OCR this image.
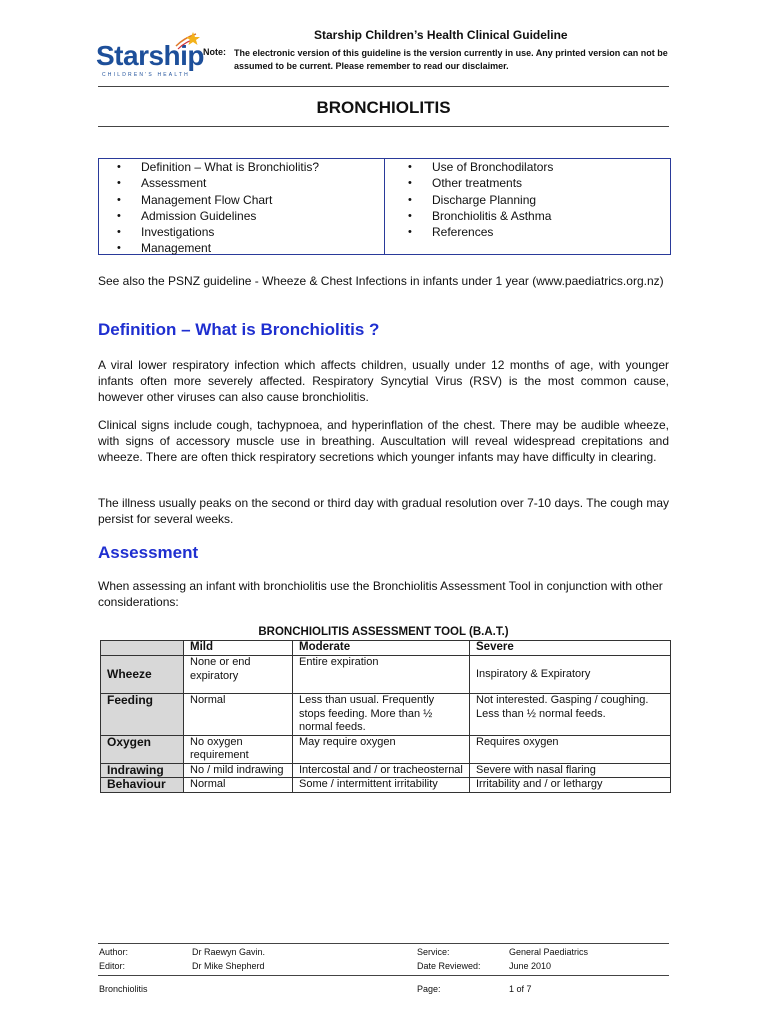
Starship
CHILDREN'S HEALTH
Starship Children’s Health Clinical Guideline
Note: The electronic version of this guideline is the version currently in use. Any printed version can not be assumed to be current. Please remember to read our disclaimer.
BRONCHIOLITIS
• Definition – What is Bronchiolitis?
• Assessment
• Management Flow Chart
• Admission Guidelines
• Investigations
• Management
• Use of Bronchodilators
• Other treatments
• Discharge Planning
• Bronchiolitis & Asthma
• References
See also the PSNZ guideline - Wheeze & Chest Infections in infants under 1 year (www.paediatrics.org.nz)
Definition – What is Bronchiolitis ?
A viral lower respiratory infection which affects children, usually under 12 months of age, with younger infants often more severely affected. Respiratory Syncytial Virus (RSV) is the most common cause, however other viruses can also cause bronchiolitis.
Clinical signs include cough, tachypnoea, and hyperinflation of the chest. There may be audible wheeze, with signs of accessory muscle use in breathing. Auscultation will reveal widespread crepitations and wheeze. There are often thick respiratory secretions which younger infants may have difficulty in clearing.
The illness usually peaks on the second or third day with gradual resolution over 7-10 days. The cough may persist for several weeks.
Assessment
When assessing an infant with bronchiolitis use the Bronchiolitis Assessment Tool in conjunction with other considerations:
BRONCHIOLITIS ASSESSMENT TOOL (B.A.T.)
	Mild	Moderate	Severe
Wheeze	None or end expiratory	Entire expiration	Inspiratory & Expiratory
Feeding	Normal	Less than usual. Frequently stops feeding. More than ½ normal feeds.	Not interested. Gasping / coughing. Less than ½ normal feeds.
Oxygen	No oxygen requirement	May require oxygen	Requires oxygen
Indrawing	No / mild indrawing	Intercostal and / or tracheosternal	Severe with nasal flaring
Behaviour	Normal	Some / intermittent irritability	Irritability and / or lethargy
Author:	Dr Raewyn Gavin.	Service:	General Paediatrics
Editor:	Dr Mike Shepherd	Date Reviewed:	June 2010
Bronchiolitis	Page:	1 of 7
